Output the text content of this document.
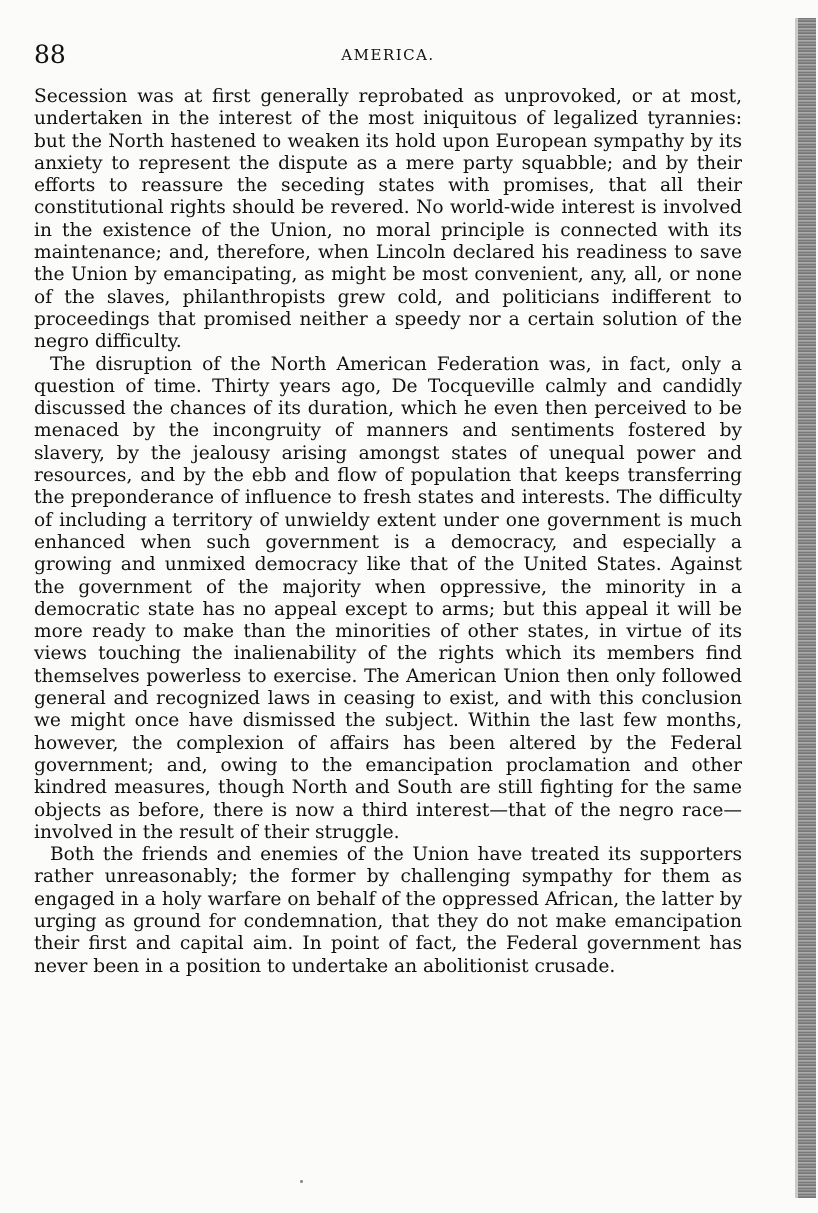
88	AMERICA.

Secession was at first generally reprobated as unprovoked, or at most, undertaken in the interest of the most iniquitous of legalized tyrannies: but the North hastened to weaken its hold upon European sympathy by its anxiety to represent the dispute as a mere party squabble; and by their efforts to reassure the seceding states with promises, that all their constitutional rights should be revered. No world-wide interest is involved in the existence of the Union, no moral principle is connected with its maintenance; and, therefore, when Lincoln declared his readiness to save the Union by emancipating, as might be most convenient, any, all, or none of the slaves, philanthropists grew cold, and politicians indifferent to proceedings that promised neither a speedy nor a certain solution of the negro difficulty.

The disruption of the North American Federation was, in fact, only a question of time. Thirty years ago, De Tocqueville calmly and candidly discussed the chances of its duration, which he even then perceived to be menaced by the incongruity of manners and sentiments fostered by slavery, by the jealousy arising amongst states of unequal power and resources, and by the ebb and flow of population that keeps transferring the preponderance of influence to fresh states and interests. The difficulty of including a territory of unwieldy extent under one government is much enhanced when such government is a democracy, and especially a growing and unmixed democracy like that of the United States. Against the government of the majority when oppressive, the minority in a democratic state has no appeal except to arms; but this appeal it will be more ready to make than the minorities of other states, in virtue of its views touching the inalienability of the rights which its members find themselves powerless to exercise. The American Union then only followed general and recognized laws in ceasing to exist, and with this conclusion we might once have dismissed the subject. Within the last few months, however, the complexion of affairs has been altered by the Federal government; and, owing to the emancipation proclamation and other kindred measures, though North and South are still fighting for the same objects as before, there is now a third interest—that of the negro race—involved in the result of their struggle.

Both the friends and enemies of the Union have treated its supporters rather unreasonably; the former by challenging sympathy for them as engaged in a holy warfare on behalf of the oppressed African, the latter by urging as ground for condemnation, that they do not make emancipation their first and capital aim. In point of fact, the Federal government has never been in a position to undertake an abolitionist crusade.
